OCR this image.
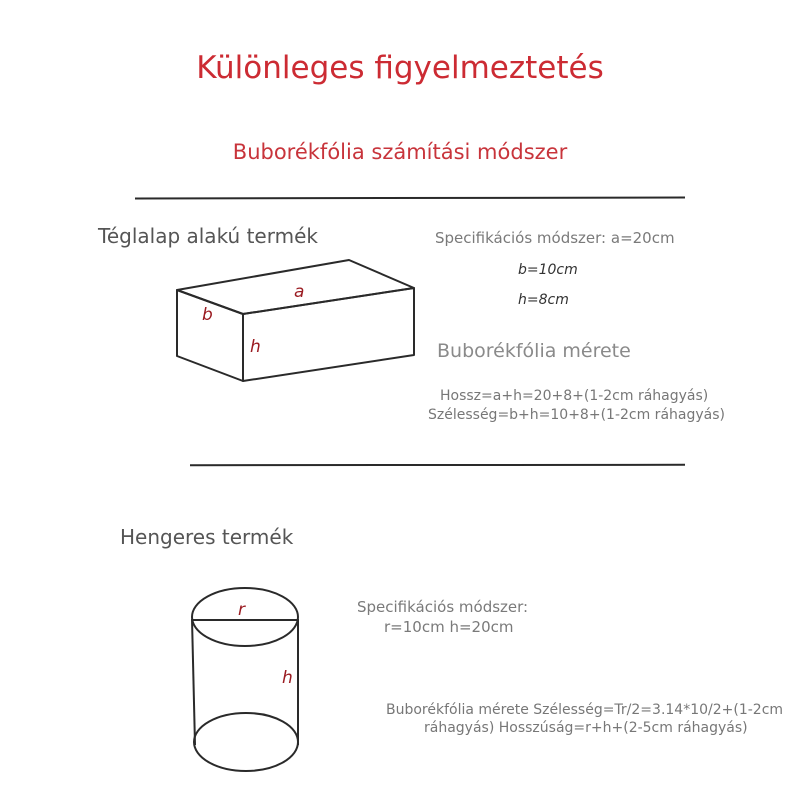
Különleges figyelmeztetés
Buborékfólia számítási módszer
Téglalap alakú termék	Specifikációs módszer: a=20cm
b=10cm
h=8cm
Buborékfólia mérete
Hossz=a+h=20+8+(1-2cm ráhagyás)
Szélesség=b+h=10+8+(1-2cm ráhagyás)
a
b
h
Hengeres termék
Specifikációs módszer:
r=10cm h=20cm
r
h
Buborékfólia mérete Szélesség=Tr/2=3.14*10/2+(1-2cm
ráhagyás) Hosszúság=r+h+(2-5cm ráhagyás)
